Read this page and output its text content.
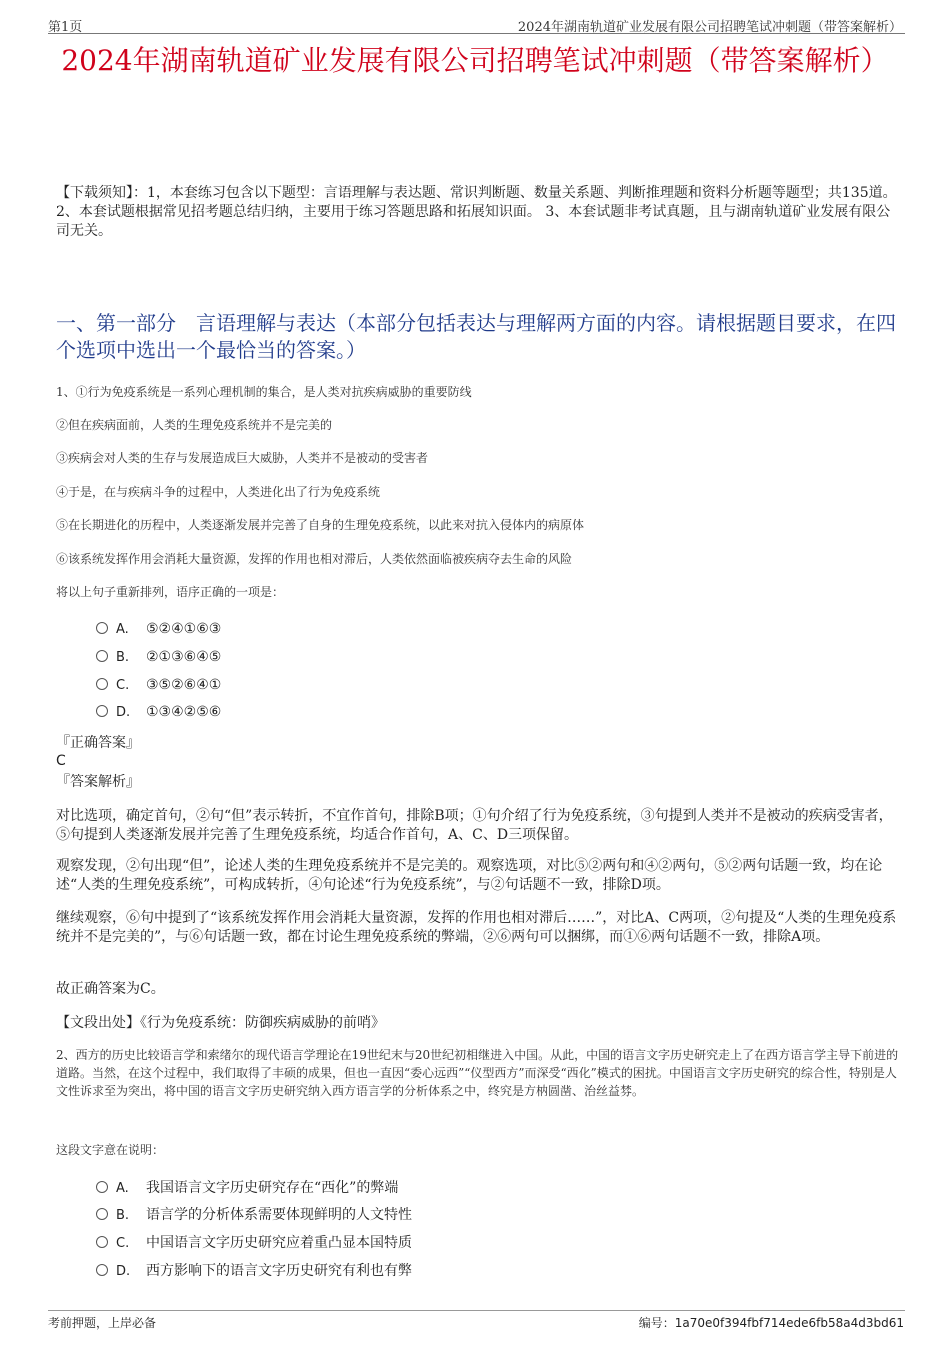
第1页	2024年湖南轨道矿业发展有限公司招聘笔试冲刺题（带答案解析）
2024年湖南轨道矿业发展有限公司招聘笔试冲刺题（带答案解析）
【下载须知】：1，本套练习包含以下题型：言语理解与表达题、常识判断题、数量关系题、判断推理题和资料分析题等题型；共135道。 2、本套试题根据常见招考题总结归纳，主要用于练习答题思路和拓展知识面。 3、本套试题非考试真题，且与湖南轨道矿业发展有限公司无关。
一、第一部分　言语理解与表达（本部分包括表达与理解两方面的内容。请根据题目要求，在四个选项中选出一个最恰当的答案。）
1、①行为免疫系统是一系列心理机制的集合，是人类对抗疾病威胁的重要防线
②但在疾病面前，人类的生理免疫系统并不是完美的
③疾病会对人类的生存与发展造成巨大威胁，人类并不是被动的受害者
④于是，在与疾病斗争的过程中，人类进化出了行为免疫系统
⑤在长期进化的历程中，人类逐渐发展并完善了自身的生理免疫系统，以此来对抗入侵体内的病原体
⑥该系统发挥作用会消耗大量资源，发挥的作用也相对滞后，人类依然面临被疾病夺去生命的风险
将以上句子重新排列，语序正确的一项是：
A. ⑤②④①⑥③
B. ②①③⑥④⑤
C. ③⑤②⑥④①
D. ①③④②⑤⑥
『正确答案』
C
『答案解析』
对比选项，确定首句，②句“但”表示转折，不宜作首句，排除B项；①句介绍了行为免疫系统，③句提到人类并不是被动的疾病受害者，⑤句提到人类逐渐发展并完善了生理免疫系统，均适合作首句，A、C、D三项保留。
观察发现，②句出现“但”，论述人类的生理免疫系统并不是完美的。观察选项，对比⑤②两句和④②两句，⑤②两句话题一致，均在论述“人类的生理免疫系统”，可构成转折，④句论述“行为免疫系统”，与②句话题不一致，排除D项。
继续观察，⑥句中提到了“该系统发挥作用会消耗大量资源，发挥的作用也相对滞后……”，对比A、C两项，②句提及“人类的生理免疫系统并不是完美的”，与⑥句话题一致，都在讨论生理免疫系统的弊端，②⑥两句可以捆绑，而①⑥两句话题不一致，排除A项。
故正确答案为C。
【文段出处】《行为免疫系统：防御疾病威胁的前哨》
2、西方的历史比较语言学和索绪尔的现代语言学理论在19世纪末与20世纪初相继进入中国。从此，中国的语言文字历史研究走上了在西方语言学主导下前进的道路。当然，在这个过程中，我们取得了丰硕的成果，但也一直因“委心远西”“仪型西方”而深受“西化”模式的困扰。中国语言文字历史研究的综合性，特别是人文性诉求至为突出，将中国的语言文字历史研究纳入西方语言学的分析体系之中，终究是方枘圆凿、治丝益棼。
这段文字意在说明：
A. 我国语言文字历史研究存在“西化”的弊端
B. 语言学的分析体系需要体现鲜明的人文特性
C. 中国语言文字历史研究应着重凸显本国特质
D. 西方影响下的语言文字历史研究有利也有弊
考前押题，上岸必备	编号：1a70e0f394fbf714ede6fb58a4d3bd61
